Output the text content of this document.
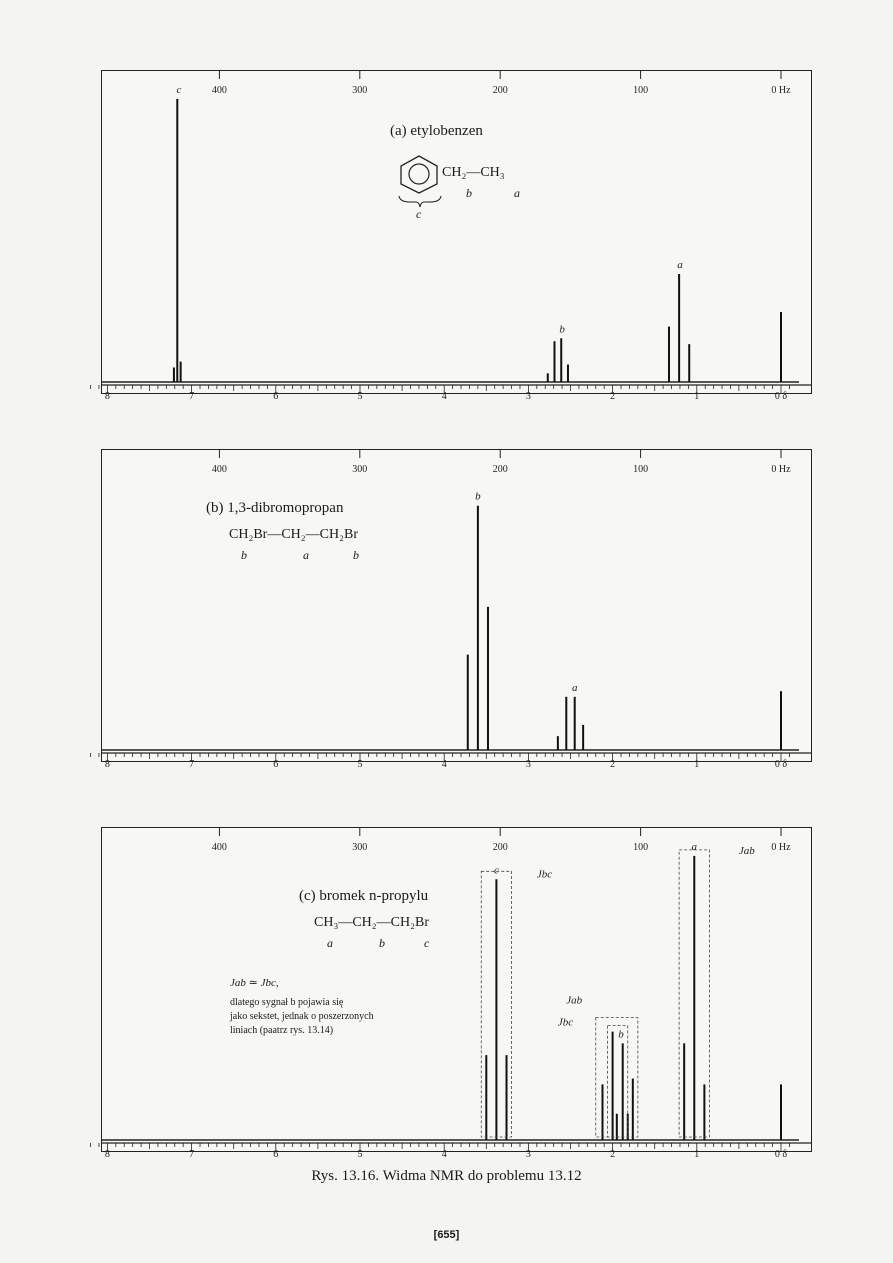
400	300	200	100	0 Hz
8	7	6	5	4	3	2	1	0 δ
c
b
a
(a) etylobenzen
c
CH₂—CH₃
b	a
400	300	200	100	0 Hz
8	7	6	5	4	3	2	1	0 δ
b
a
(b) 1,3-dibromopropan
CH₂Br—CH₂—CH₂Br
b	a	b
400	300	200	100	0 Hz
8	7	6	5	4	3	2	1	0 δ
c
b
a	Jab
Jbc
Jab
Jbc
(c) bromek n-propylu
CH₃—CH₂—CH₂Br
a	b	c
Jab ≃ Jbc,
dlatego sygnał b pojawia się
jako sekstet, jednak o poszerzonych
liniach (paatrz rys. 13.14)
Rys. 13.16. Widma NMR do problemu 13.12
[655]
